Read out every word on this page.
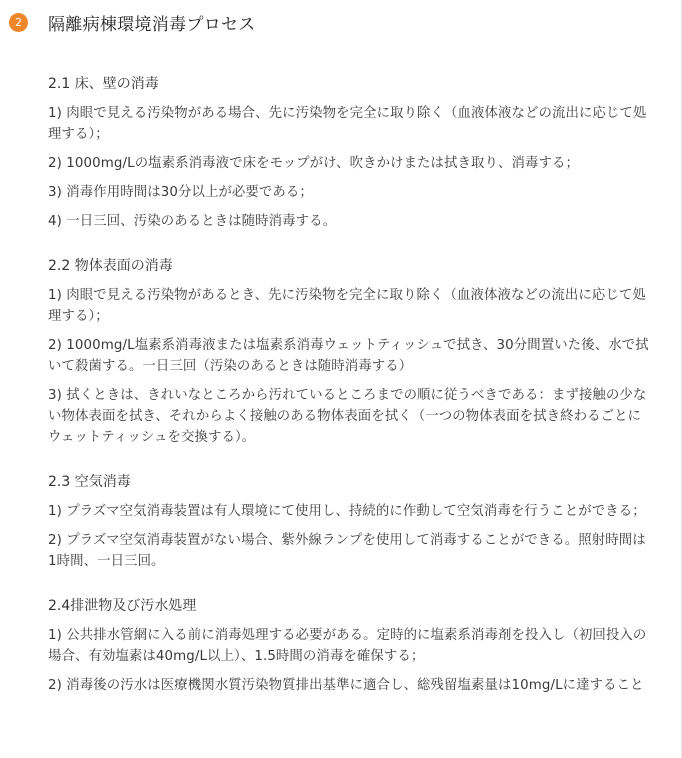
2	隔離病棟環境消毒プロセス
2.1 床、壁の消毒
1) 肉眼で見える汚染物がある場合、先に汚染物を完全に取り除く（血液体液などの流出に応じて処理する）；
2) 1000mg/Lの塩素系消毒液で床をモップがけ、吹きかけまたは拭き取り、消毒する；
3) 消毒作用時間は30分以上が必要である；
4) 一日三回、汚染のあるときは随時消毒する。
2.2 物体表面の消毒
1) 肉眼で見える汚染物があるとき、先に汚染物を完全に取り除く（血液体液などの流出に応じて処理する）；
2) 1000mg/L塩素系消毒液または塩素系消毒ウェットティッシュで拭き、30分間置いた後、水で拭いて殺菌する。一日三回（汚染のあるときは随時消毒する）
3) 拭くときは、きれいなところから汚れているところまでの順に従うべきである：まず接触の少ない物体表面を拭き、それからよく接触のある物体表面を拭く（一つの物体表面を拭き終わるごとにウェットティッシュを交換する）。
2.3 空気消毒
1) プラズマ空気消毒装置は有人環境にて使用し、持続的に作動して空気消毒を行うことができる；
2) プラズマ空気消毒装置がない場合、紫外線ランプを使用して消毒することができる。照射時間は1時間、一日三回。
2.4排泄物及び汚水処理
1) 公共排水管網に入る前に消毒処理する必要がある。定時的に塩素系消毒剤を投入し（初回投入の場合、有効塩素は40mg/L以上）、1.5時間の消毒を確保する；
2) 消毒後の汚水は医療機関水質汚染物質排出基準に適合し、総残留塩素量は10mg/Lに達すること
